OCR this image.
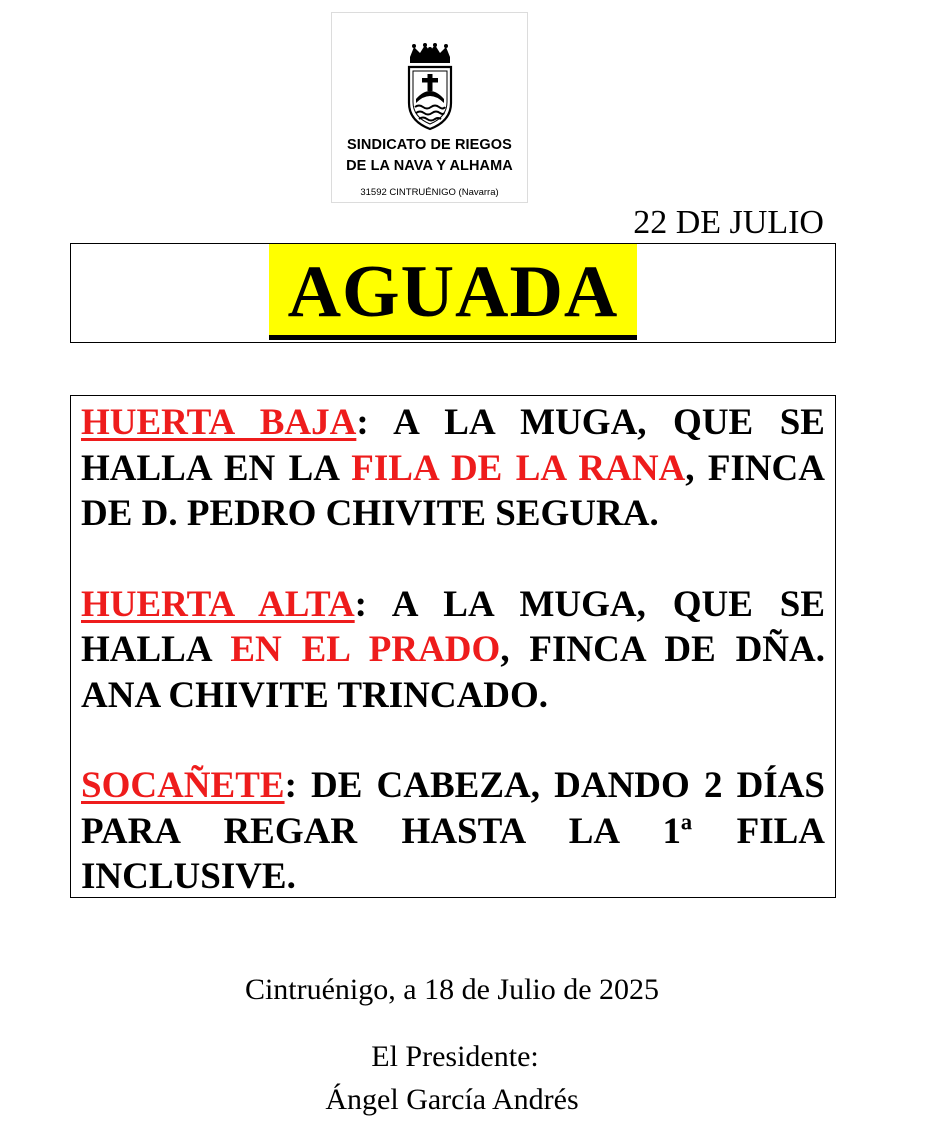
SINDICATO DE RIEGOS
DE LA NAVA Y ALHAMA
31592 CINTRUÉNIGO (Navarra)
22 DE JULIO
AGUADA

HUERTA BAJA: A LA MUGA, QUE SE HALLA EN LA FILA DE LA RANA, FINCA DE D. PEDRO CHIVITE SEGURA.

HUERTA ALTA: A LA MUGA, QUE SE HALLA EN EL PRADO, FINCA DE DÑA. ANA CHIVITE TRINCADO.

SOCAÑETE: DE CABEZA, DANDO 2 DÍAS PARA REGAR HASTA LA 1ª FILA INCLUSIVE.

Cintruénigo, a 18 de Julio de 2025
El Presidente:
Ángel García Andrés
